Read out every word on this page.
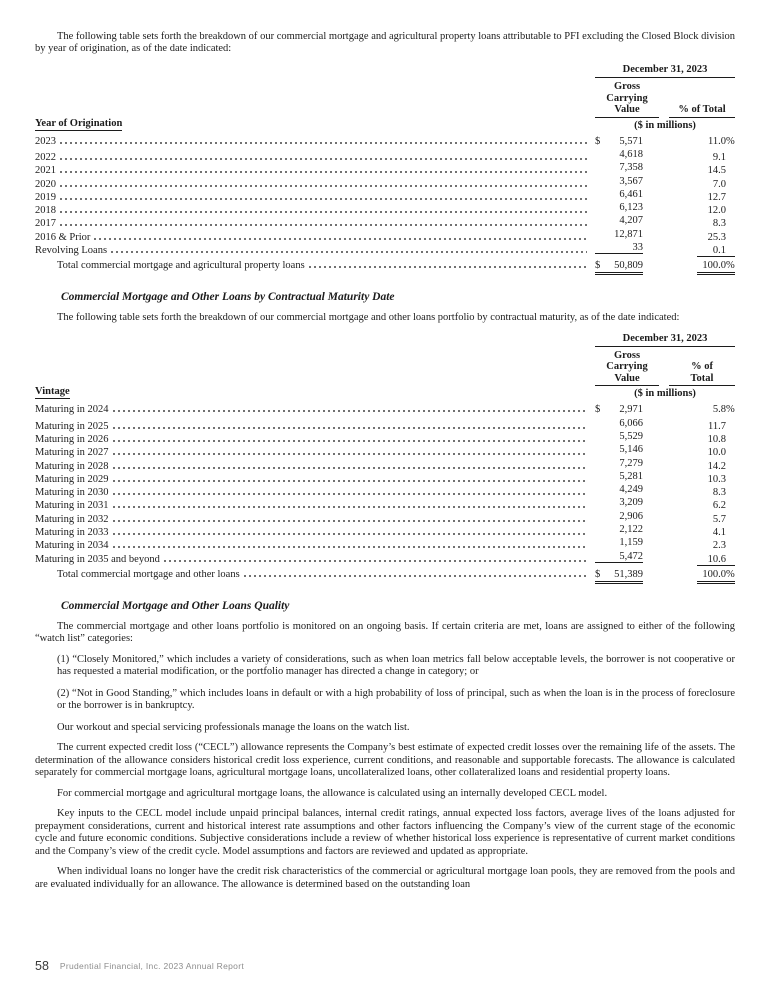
The following table sets forth the breakdown of our commercial mortgage and agricultural property loans attributable to PFI excluding the Closed Block division by year of origination, as of the date indicated:

Year of Origination
December 31, 2023
Gross
Carrying
Value	% of Total
($ in millions)
2023	$ 5,571	11.0 %
2022	4,618	9.1
2021	7,358	14.5
2020	3,567	7.0
2019	6,461	12.7
2018	6,123	12.0
2017	4,207	8.3
2016 & Prior	12,871	25.3
Revolving Loans	33	0.1
Total commercial mortgage and agricultural property loans	$ 50,809	100.0 %
Commercial Mortgage and Other Loans by Contractual Maturity Date

The following table sets forth the breakdown of our commercial mortgage and other loans portfolio by contractual maturity, as of the date indicated:

Vintage
December 31, 2023
Gross
Carrying
Value
% of
Total
($ in millions)
Maturing in 2024	$ 2,971	5.8 %
Maturing in 2025	6,066	11.7
Maturing in 2026	5,529	10.8
Maturing in 2027	5,146	10.0
Maturing in 2028	7,279	14.2
Maturing in 2029	5,281	10.3
Maturing in 2030	4,249	8.3
Maturing in 2031	3,209	6.2
Maturing in 2032	2,906	5.7
Maturing in 2033	2,122	4.1
Maturing in 2034	1,159	2.3
Maturing in 2035 and beyond	5,472	10.6
Total commercial mortgage and other loans	$ 51,389	100.0 %
Commercial Mortgage and Other Loans Quality

The commercial mortgage and other loans portfolio is monitored on an ongoing basis. If certain criteria are met, loans are assigned to either of the following “watch list” categories:

(1) “Closely Monitored,” which includes a variety of considerations, such as when loan metrics fall below acceptable levels, the borrower is not cooperative or has requested a material modification, or the portfolio manager has directed a change in category; or

(2) “Not in Good Standing,” which includes loans in default or with a high probability of loss of principal, such as when the loan is in the process of foreclosure or the borrower is in bankruptcy.

Our workout and special servicing professionals manage the loans on the watch list.

The current expected credit loss (“CECL”) allowance represents the Company’s best estimate of expected credit losses over the remaining life of the assets. The determination of the allowance considers historical credit loss experience, current conditions, and reasonable and supportable forecasts. The allowance is calculated separately for commercial mortgage loans, agricultural mortgage loans, uncollateralized loans, other collateralized loans and residential property loans.

For commercial mortgage and agricultural mortgage loans, the allowance is calculated using an internally developed CECL model.

Key inputs to the CECL model include unpaid principal balances, internal credit ratings, annual expected loss factors, average lives of the loans adjusted for prepayment considerations, current and historical interest rate assumptions and other factors influencing the Company’s view of the current stage of the economic cycle and future economic conditions. Subjective considerations include a review of whether historical loss experience is representative of current market conditions and the Company’s view of the credit cycle. Model assumptions and factors are reviewed and updated as appropriate.

When individual loans no longer have the credit risk characteristics of the commercial or agricultural mortgage loan pools, they are removed from the pools and are evaluated individually for an allowance. The allowance is determined based on the outstanding loan

58 Prudential Financial, Inc. 2023 Annual Report
